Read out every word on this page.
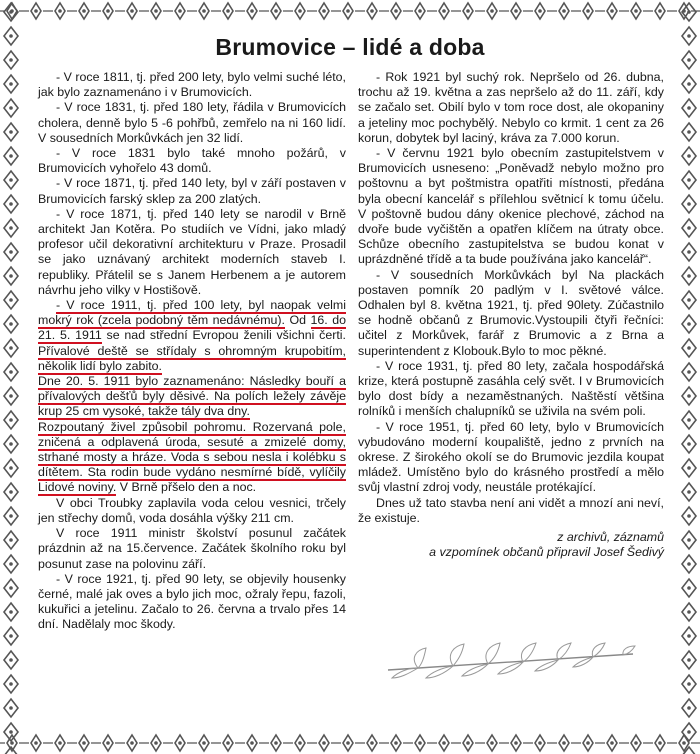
Brumovice – lidé a doba

- V roce 1811, tj. před 200 lety, bylo velmi suché léto, jak bylo zaznamenáno i v Brumovicích.

- V roce 1831, tj. před 180 lety, řádila v Brumovicích cholera, denně bylo 5 -6 pohřbů, zemřelo na ni 160 lidí. V sousedních Morkůvkách jen 32 lidí.

- V roce 1831 bylo také mnoho požárů, v Brumovicích vyhořelo 43 domů.

- V roce 1871, tj. před 140 lety, byl v září postaven v Brumovicích farský sklep za 200 zlatých.

- V roce 1871, tj. před 140 lety se narodil v Brně architekt Jan Kotěra. Po studiích ve Vídni, jako mladý profesor učil dekorativní architekturu v Praze. Prosadil se jako uznávaný architekt moderních staveb I. republiky. Přátelil se s Janem Herbenem a je autorem návrhu jeho vilky v Hostišově.

- V roce 1911, tj. před 100 lety, byl naopak velmi mokrý rok (zcela podobný těm nedávnému). Od 16. do 21. 5. 1911 se nad střední Evropou ženili všichni čerti. Přívalové deště se střídaly s ohromným krupobitím, několik lidí bylo zabito.

Dne 20. 5. 1911 bylo zaznamenáno: Následky bouří a přívalových dešťů byly děsivé. Na polích ležely závěje krup 25 cm vysoké, takže tály dva dny.

Rozpoutaný živel způsobil pohromu. Rozervaná pole, zničená a odplavená úroda, sesuté a zmizelé domy, strhané mosty a hráze. Voda s sebou nesla i kolébku s dítětem. Sta rodin bude vydáno nesmírné bídě, vylíčily Lidové noviny. V Brně přšelo den a noc.

V obci Troubky zaplavila voda celou vesnici, trčely jen střechy domů, voda dosáhla výšky 211 cm.

V roce 1911 ministr školství posunul začátek prázdnin až na 15.července. Začátek školního roku byl posunut zase na polovinu září.

- V roce 1921, tj. před 90 lety, se objevily housenky černé, malé jak oves a bylo jich moc, ožraly řepu, fazoli, kukuřici a jetelinu. Začalo to 26. června a trvalo přes 14 dní. Nadělaly moc škody.

- Rok 1921 byl suchý rok. Nepršelo od 26. dubna, trochu až 19. května a zas nepršelo až do 11. září, kdy se začalo set. Obilí bylo v tom roce dost, ale okopaniny a jeteliny moc pochybělý. Nebylo co krmit. 1 cent za 26 korun, dobytek byl laciný, kráva za 7.000 korun.

- V červnu 1921 bylo obecním zastupitelstvem v Brumovicích usneseno: „Poněvadž nebylo možno pro poštovnu a byt poštmistra opatřiti místnosti, předána byla obecní kancelář s přílehlou světnicí k tomu účelu. V poštovně budou dány okenice plechové, záchod na dvoře bude vyčištěn a opatřen klíčem na útraty obce. Schůze obecního zastupitelstva se budou konat v uprázdněné třídě a ta bude používána jako kancelář“.

- V sousedních Morkůvkách byl Na plackách postaven pomník 20 padlým v I. světové válce. Odhalen byl 8. května 1921, tj. před 90lety. Zúčastnilo se hodně občanů z Brumovic.Vystoupili čtyři řečníci: učitel z Morkůvek, farář z Brumovic a z Brna a superintendent z Klobouk.Bylo to moc pěkné.

- V roce 1931, tj. před 80 lety, začala hospodářská krize, která postupně zasáhla celý svět. I v Brumovicích bylo dost bídy a nezaměstnaných. Naštěstí většina rolníků i menších chalupníků se uživila na svém poli.

- V roce 1951, tj. před 60 lety, bylo v Brumovicích vybudováno moderní koupaliště, jedno z prvních na okrese. Z širokého okolí se do Brumovic jezdila koupat mládež. Umístěno bylo do krásného prostředí a mělo svůj vlastní zdroj vody, neustále protékající.

Dnes už tato stavba není ani vidět a mnozí ani neví, že existuje.

z archivů, záznamů

a vzpomínek občanů připravil Josef Šedivý
